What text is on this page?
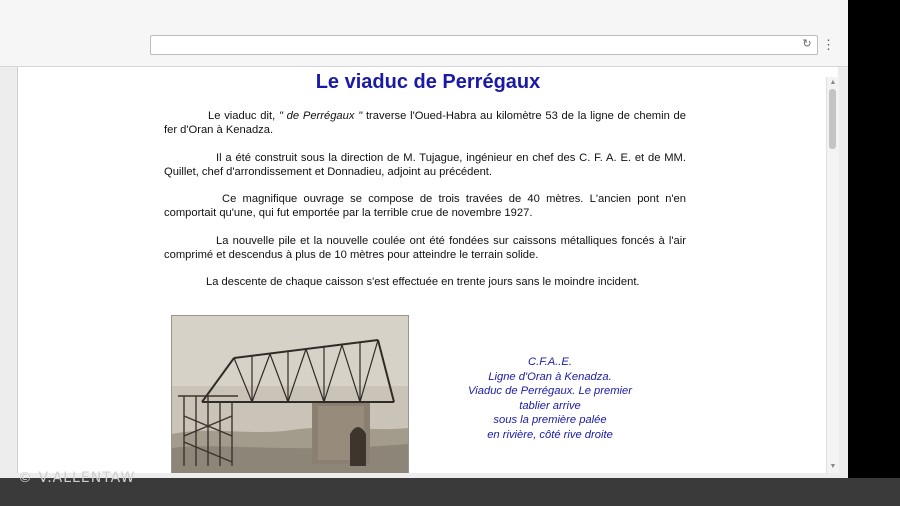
↻ ⋮
Le viaduc de Perrégaux
Le viaduc dit, " de Perrégaux " traverse l'Oued-Habra au kilomètre 53 de la ligne de chemin de fer d'Oran à Kenadza.
Il a été construit sous la direction de M. Tujague, ingénieur en chef des C. F. A. E. et de MM. Quillet, chef d'arrondissement et Donnadieu, adjoint au précédent.
Ce magnifique ouvrage se compose de trois travées de 40 mètres. L'ancien pont n'en comportait qu'une, qui fut emportée par la terrible crue de novembre 1927.
La nouvelle pile et la nouvelle coulée ont été fondées sur caissons métalliques foncés à l'air comprimé et descendus à plus de 10 mètres pour atteindre le terrain solide.
La descente de chaque caisson s'est effectuée en trente jours sans le moindre incident.
C.F.A..E.
Ligne d'Oran à Kenadza.
Viaduc de Perrégaux. Le premier
tablier arrive
sous la première palée
en rivière, côté rive droite
▲
▼
© V.ALLENTAW
